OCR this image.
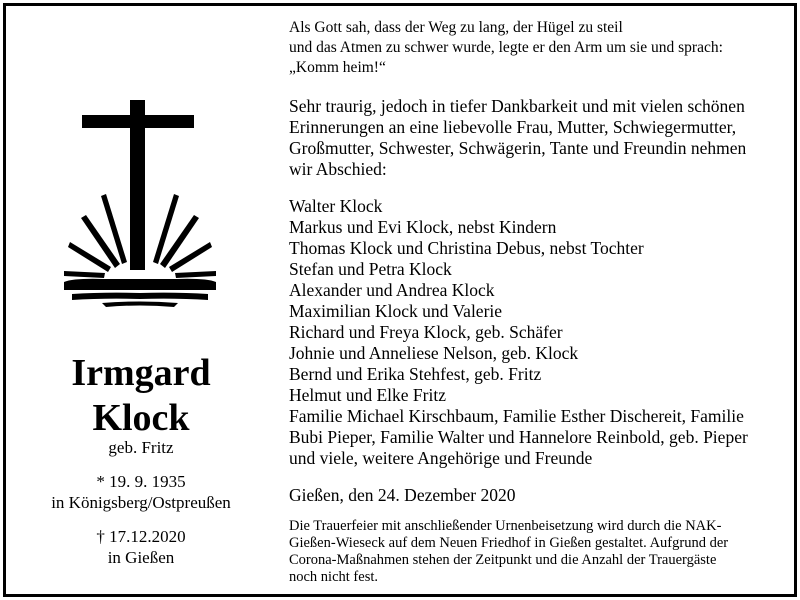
Irmgard
Klock
geb. Fritz
* 19. 9. 1935
in Königsberg/Ostpreußen
† 17.12.2020
in Gießen
Als Gott sah, dass der Weg zu lang, der Hügel zu steil
und das Atmen zu schwer wurde, legte er den Arm um sie und sprach:
„Komm heim!“
Sehr traurig, jedoch in tiefer Dankbarkeit und mit vielen schönen
Erinnerungen an eine liebevolle Frau, Mutter, Schwiegermutter,
Großmutter, Schwester, Schwägerin, Tante und Freundin nehmen
wir Abschied:
Walter Klock
Markus und Evi Klock, nebst Kindern
Thomas Klock und Christina Debus, nebst Tochter
Stefan und Petra Klock
Alexander und Andrea Klock
Maximilian Klock und Valerie
Richard und Freya Klock, geb. Schäfer
Johnie und Anneliese Nelson, geb. Klock
Bernd und Erika Stehfest, geb. Fritz
Helmut und Elke Fritz
Familie Michael Kirschbaum, Familie Esther Dischereit, Familie
Bubi Pieper, Familie Walter und Hannelore Reinbold, geb. Pieper
und viele, weitere Angehörige und Freunde
Gießen, den 24. Dezember 2020
Die Trauerfeier mit anschließender Urnenbeisetzung wird durch die NAK-
Gießen-Wieseck auf dem Neuen Friedhof in Gießen gestaltet. Aufgrund der
Corona-Maßnahmen stehen der Zeitpunkt und die Anzahl der Trauergäste
noch nicht fest.
